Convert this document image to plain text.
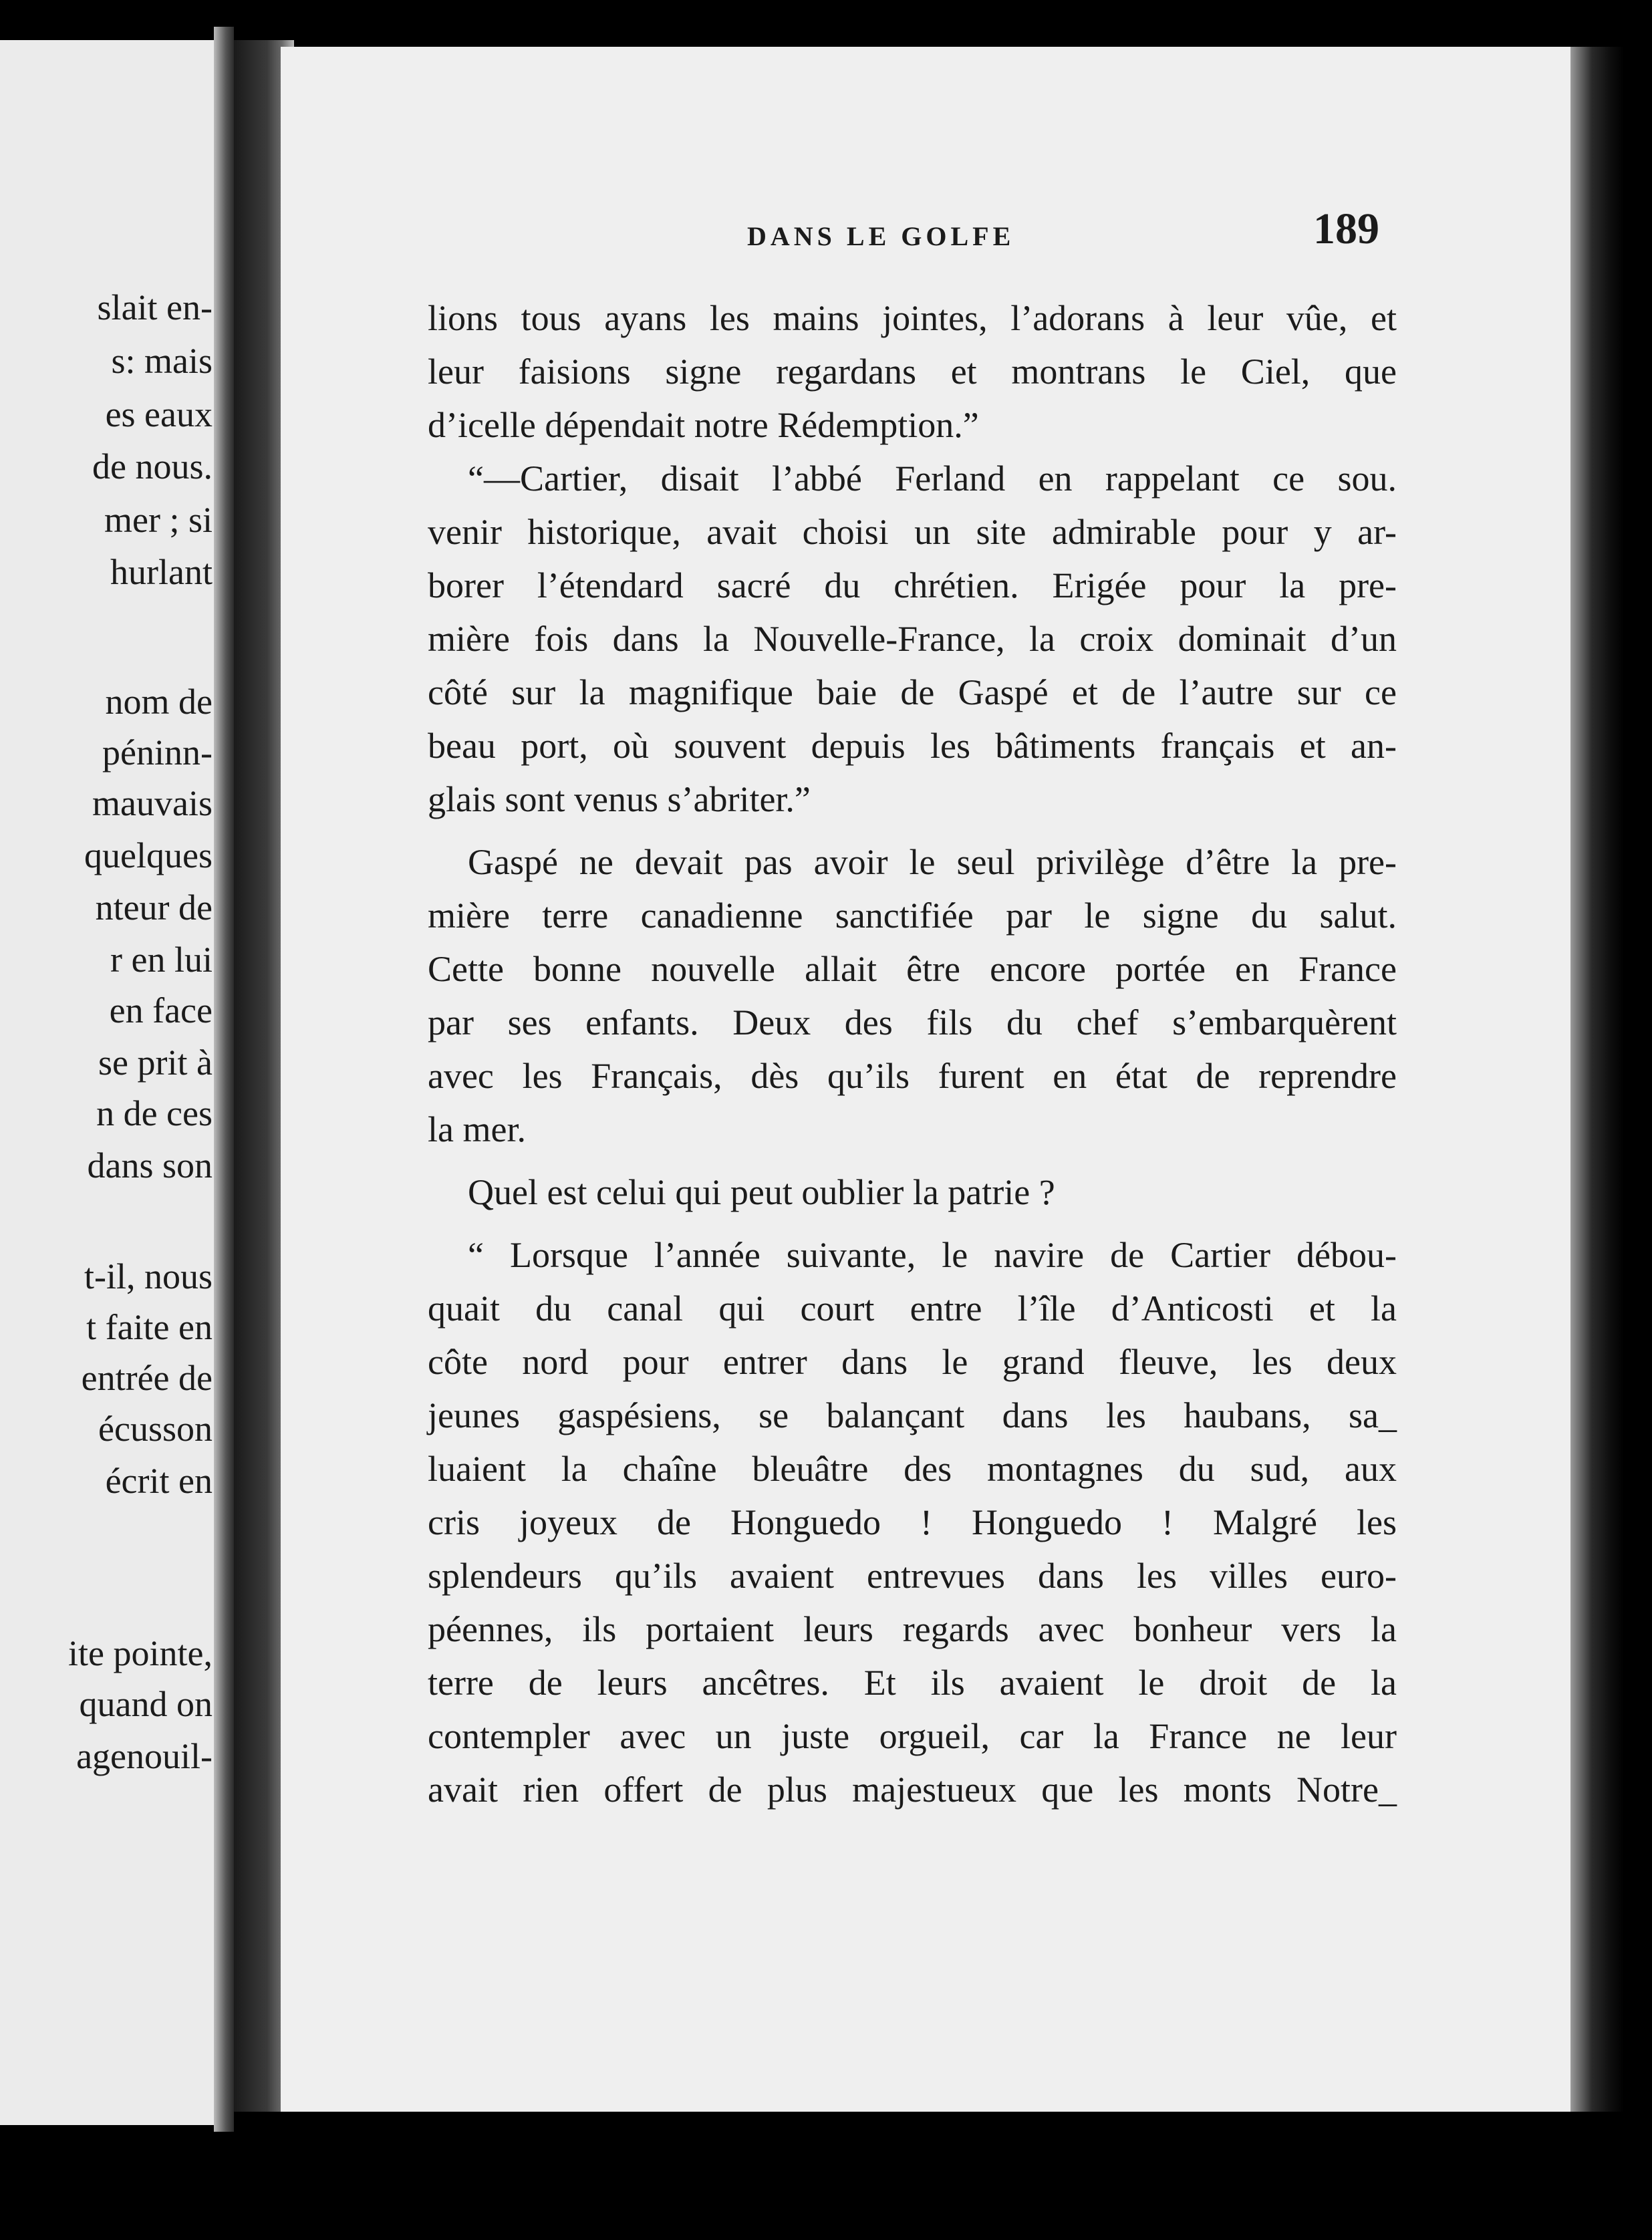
slait en-
s: mais
es eaux
de nous.
mer ; si
hurlant
nom de
péninn-
mauvais
quelques
nteur de
r en lui
en face
se prit à
n de ces
dans son
t-il, nous
t faite en
entrée de
écusson
écrit en
ite pointe,
quand on
agenouil-
DANS LE GOLFE	189
lions tous ayans les mains jointes, l’adorans à leur vûe, et
leur faisions signe regardans et montrans le Ciel, que
d’icelle dépendait notre Rédemption.”
“—Cartier, disait l’abbé Ferland en rappelant ce sou.
venir historique, avait choisi un site admirable pour y ar-
borer l’étendard sacré du chrétien. Erigée pour la pre-
mière fois dans la Nouvelle-France, la croix dominait d’un
côté sur la magnifique baie de Gaspé et de l’autre sur ce
beau port, où souvent depuis les bâtiments français et an-
glais sont venus s’abriter.”
Gaspé ne devait pas avoir le seul privilège d’être la pre-
mière terre canadienne sanctifiée par le signe du salut.
Cette bonne nouvelle allait être encore portée en France
par ses enfants. Deux des fils du chef s’embarquèrent
avec les Français, dès qu’ils furent en état de reprendre
la mer.
Quel est celui qui peut oublier la patrie ?
“ Lorsque l’année suivante, le navire de Cartier débou-
quait du canal qui court entre l’île d’Anticosti et la
côte nord pour entrer dans le grand fleuve, les deux
jeunes gaspésiens, se balançant dans les haubans, sa_
luaient la chaîne bleuâtre des montagnes du sud, aux
cris joyeux de Honguedo ! Honguedo ! Malgré les
splendeurs qu’ils avaient entrevues dans les villes euro-
péennes, ils portaient leurs regards avec bonheur vers la
terre de leurs ancêtres. Et ils avaient le droit de la
contempler avec un juste orgueil, car la France ne leur
avait rien offert de plus majestueux que les monts Notre_
